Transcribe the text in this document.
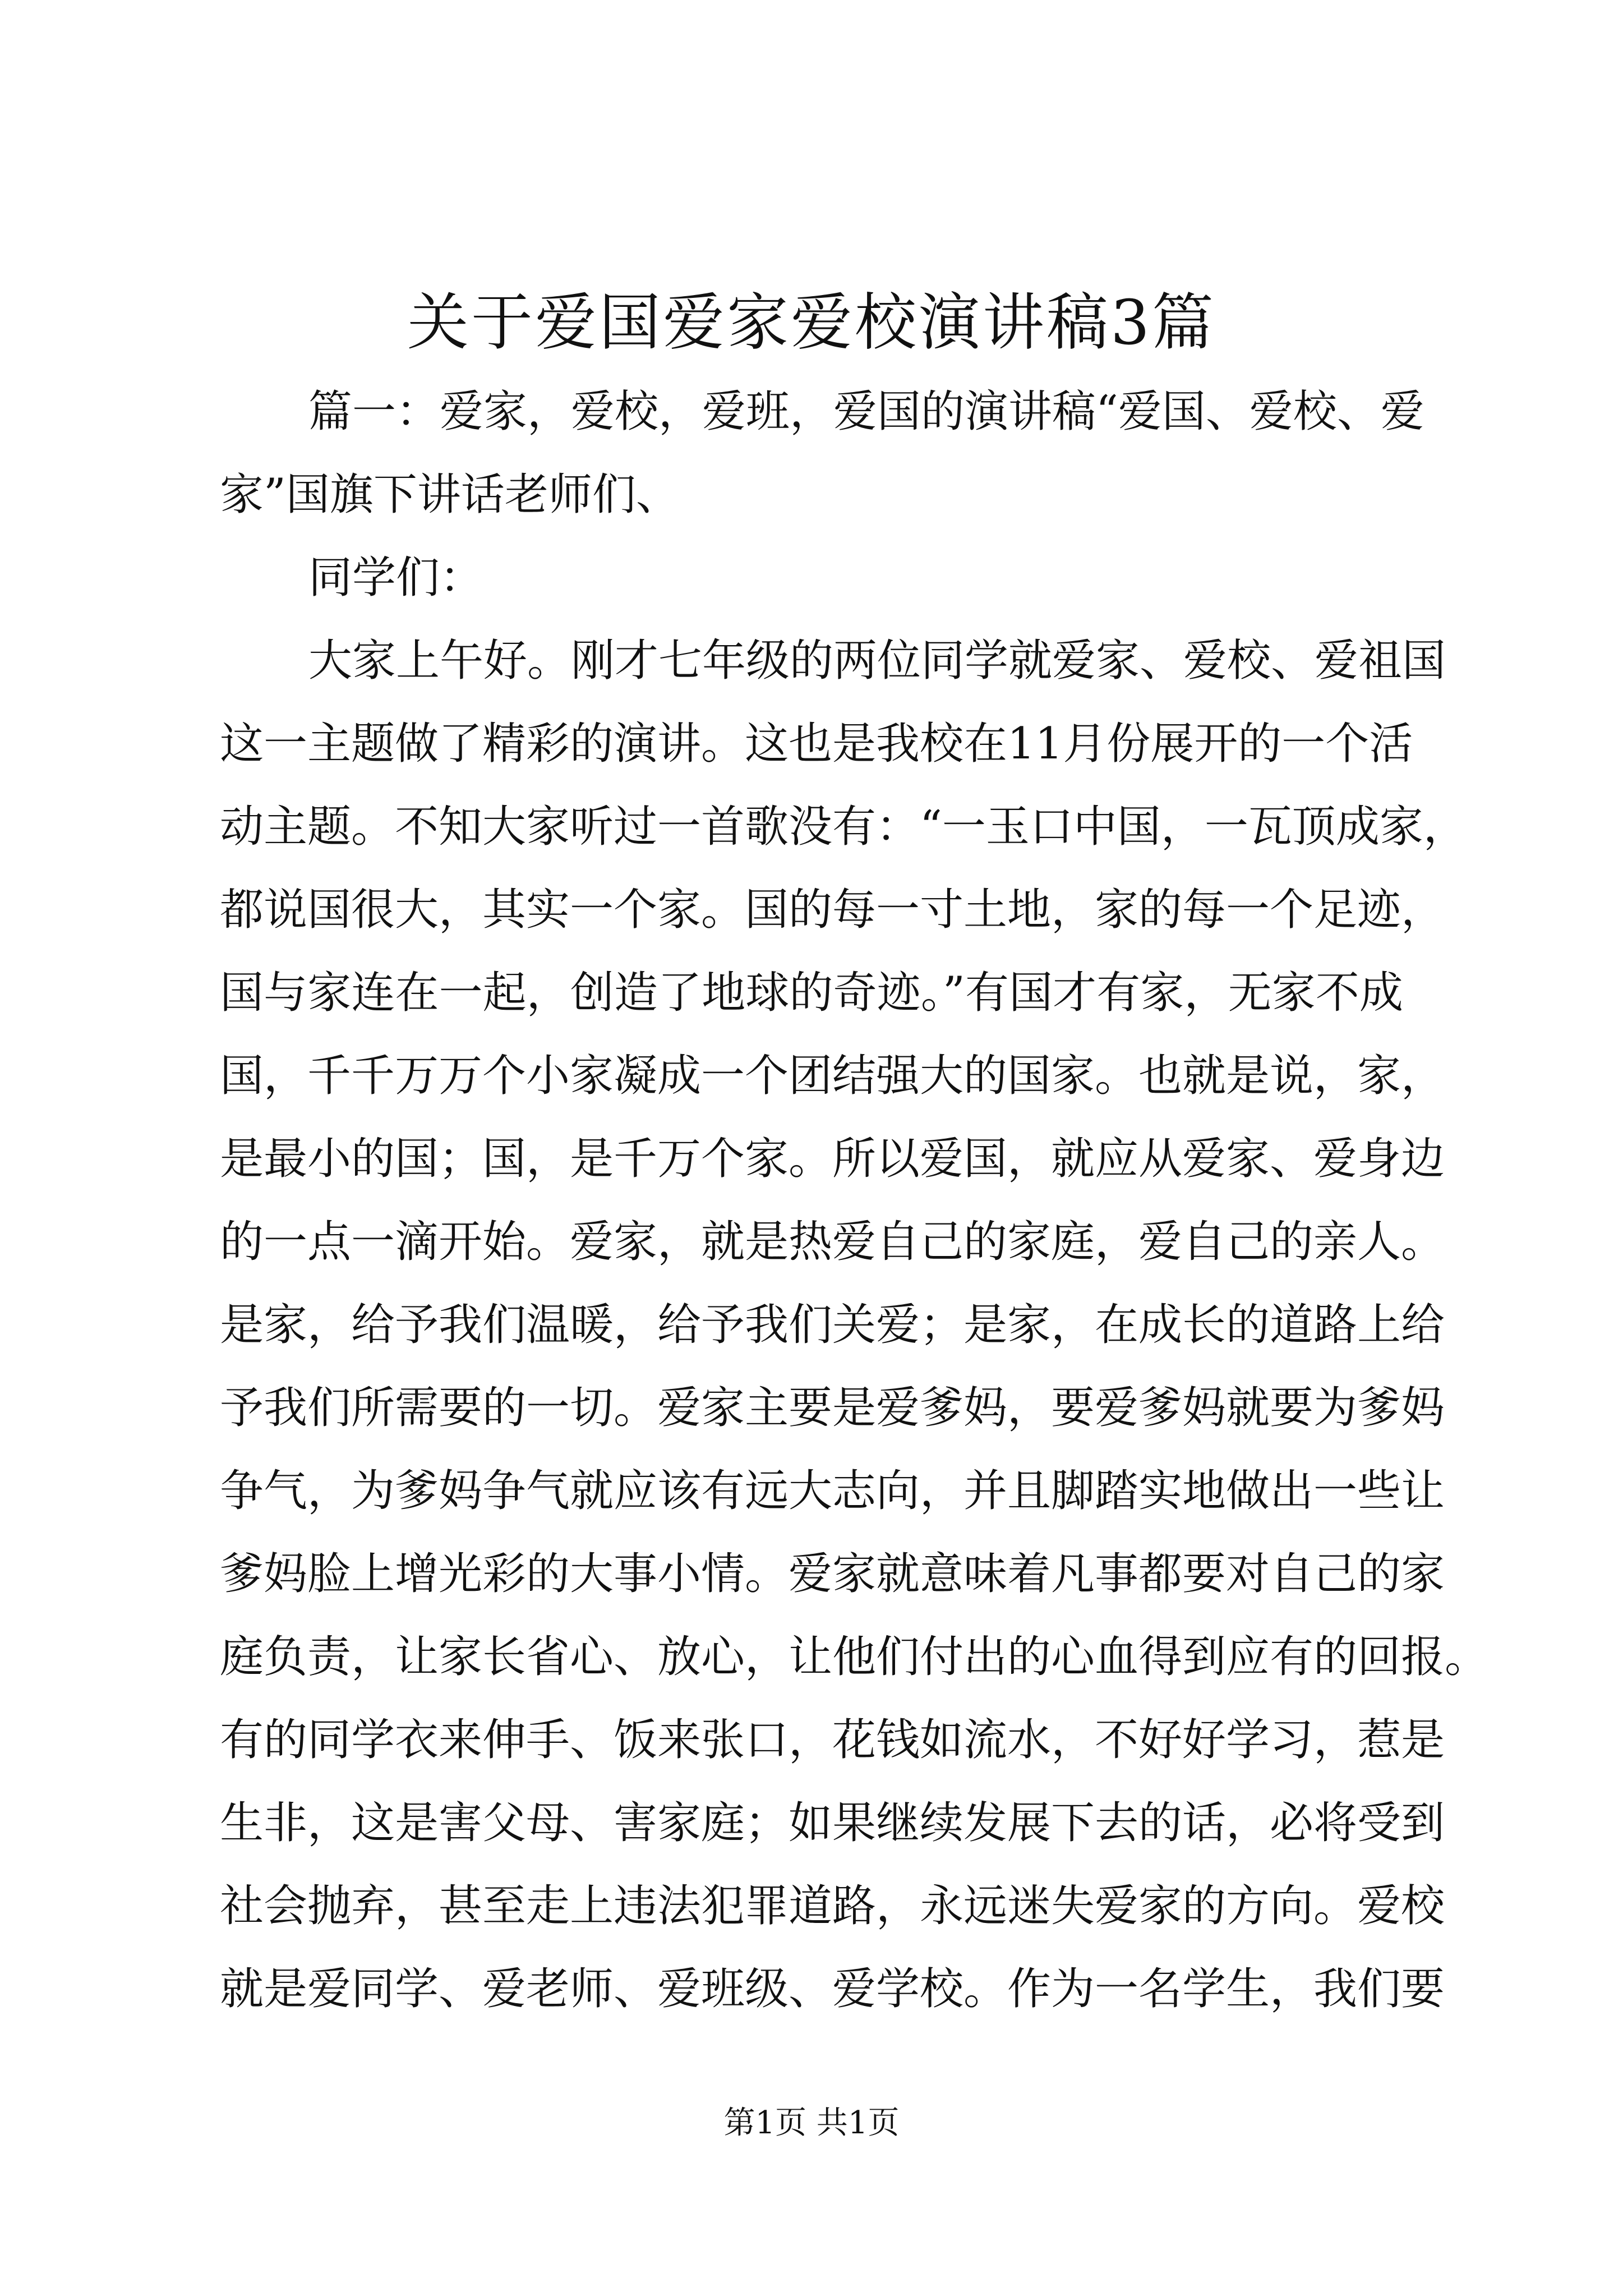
关于爱国爱家爱校演讲稿3篇
篇一：爱家，爱校，爱班，爱国的演讲稿“爱国、爱校、爱
家”国旗下讲话老师们、
同学们：
大家上午好。刚才七年级的两位同学就爱家、爱校、爱祖国
这一主题做了精彩的演讲。这也是我校在11月份展开的一个活
动主题。不知大家听过一首歌没有：“一玉口中国，一瓦顶成家，
都说国很大，其实一个家。国的每一寸土地，家的每一个足迹，
国与家连在一起，创造了地球的奇迹。”有国才有家，无家不成
国，千千万万个小家凝成一个团结强大的国家。也就是说，家，
是最小的国；国，是千万个家。所以爱国，就应从爱家、爱身边
的一点一滴开始。爱家，就是热爱自己的家庭，爱自己的亲人。
是家，给予我们温暖，给予我们关爱；是家，在成长的道路上给
予我们所需要的一切。爱家主要是爱爹妈，要爱爹妈就要为爹妈
争气，为爹妈争气就应该有远大志向，并且脚踏实地做出一些让
爹妈脸上增光彩的大事小情。爱家就意味着凡事都要对自己的家
庭负责，让家长省心、放心，让他们付出的心血得到应有的回报。
有的同学衣来伸手、饭来张口，花钱如流水，不好好学习，惹是
生非，这是害父母、害家庭；如果继续发展下去的话，必将受到
社会抛弃，甚至走上违法犯罪道路，永远迷失爱家的方向。爱校
就是爱同学、爱老师、爱班级、爱学校。作为一名学生，我们要
第1页 共1页
